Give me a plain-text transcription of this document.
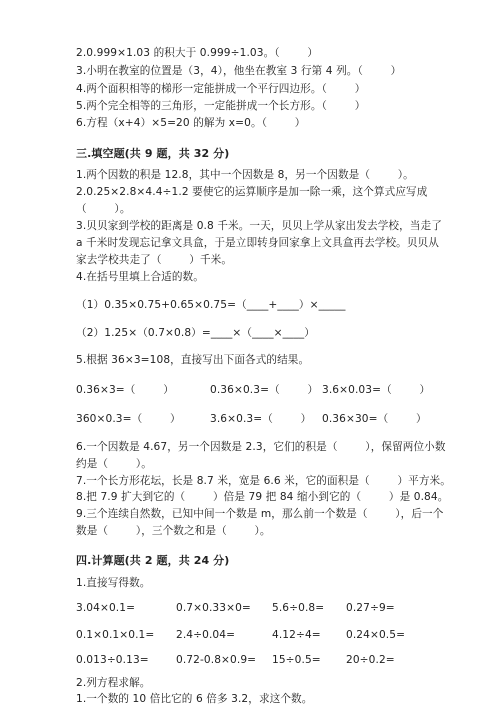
2.0.999×1.03 的积大于 0.999÷1.03。（        ）
3.小明在教室的位置是（3，4），他坐在教室 3 行第 4 列。（        ）
4.两个面积相等的梯形一定能拼成一个平行四边形。（        ）
5.两个完全相等的三角形，一定能拼成一个长方形。（        ）
6.方程（x+4）×5=20 的解为 x=0。（        ）
三.填空题(共 9 题，共 32 分)
1.两个因数的积是 12.8，其中一个因数是 8，另一个因数是（        ）。
2.0.25×2.8×4.4÷1.2 要使它的运算顺序是加一除一乘，这个算式应写成
（        ）。
3.贝贝家到学校的距离是 0.8 千米。一天，贝贝上学从家出发去学校，当走了
a 千米时发现忘记拿文具盒，于是立即转身回家拿上文具盒再去学校。贝贝从
家去学校共走了（        ）千米。
4.在括号里填上合适的数。
（1）0.35×0.75+0.65×0.75=（____+____）×_____
（2）1.25×（0.7×0.8）=____×（____×____）
5.根据 36×3=108，直接写出下面各式的结果。
0.36×3=（        ）	0.36×0.3=（        ） 3.6×0.03=（        ）
360×0.3=（        ）	3.6×0.3=（        ） 0.36×30=（        ）
6.一个因数是 4.67，另一个因数是 2.3，它们的积是（        ），保留两位小数
约是（        ）。
7.一个长方形花坛，长是 8.7 米，宽是 6.6 米，它的面积是（        ）平方米。
8.把 7.9 扩大到它的（        ）倍是 79 把 84 缩小到它的（        ）是 0.84。
9.三个连续自然数，已知中间一个数是 m，那么前一个数是（        ），后一个
数是（        ），三个数之和是（        ）。
四.计算题(共 2 题，共 24 分)
1.直接写得数。
3.04×0.1=	0.7×0.33×0= 5.6÷0.8= 0.27÷9=
0.1×0.1×0.1= 2.4÷0.04=	4.12÷4= 0.24×0.5=
0.013÷0.13=	0.72-0.8×0.9= 15÷0.5= 20÷0.2=
2.列方程求解。
1.一个数的 10 倍比它的 6 倍多 3.2，求这个数。
